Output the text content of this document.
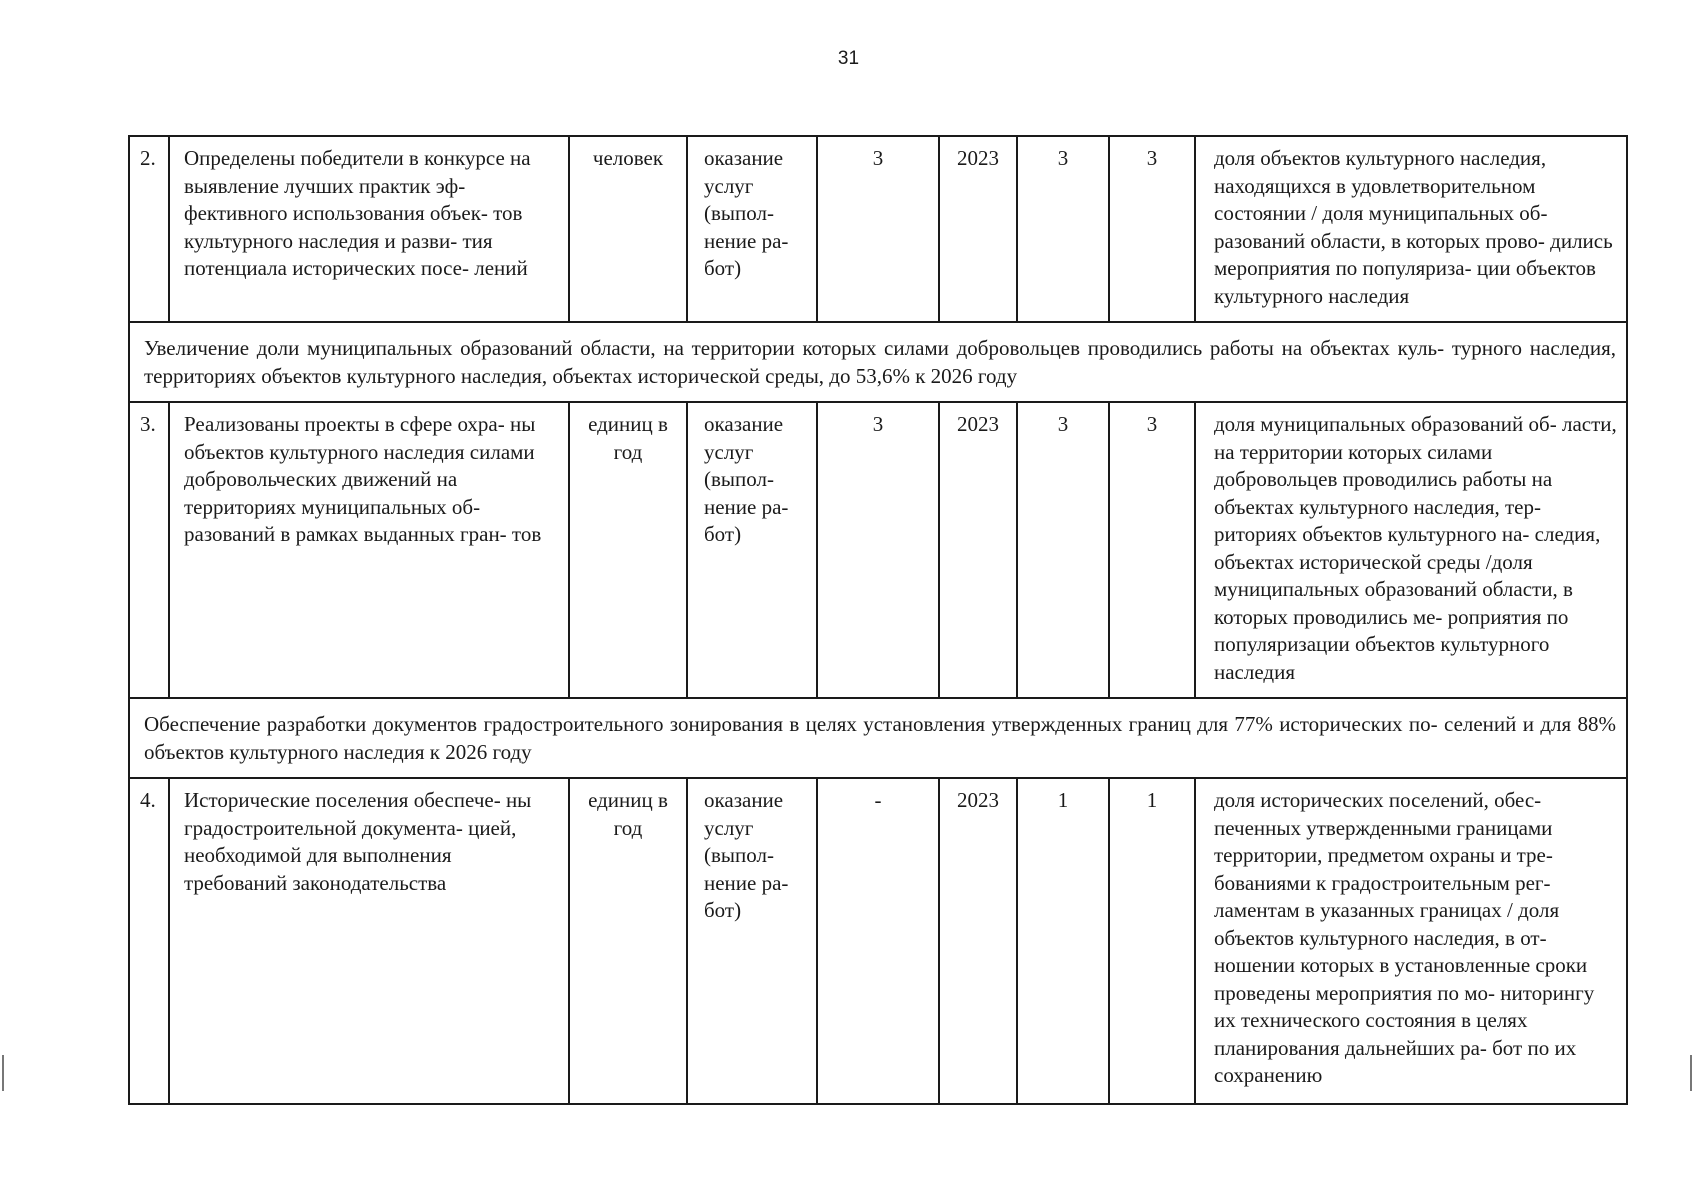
31
2.	Определены победители в конкурсе на выявление лучших практик эф- фективного использования объек- тов культурного наследия и разви- тия потенциала исторических посе- лений	человек	оказание услуг (выпол- нение ра- бот)	3	2023	3	3	доля объектов культурного наследия, находящихся в удовлетворительном состоянии / доля муниципальных об- разований области, в которых прово- дились мероприятия по популяриза- ции объектов культурного наследия
Увеличение доли муниципальных образований области, на территории которых силами добровольцев проводились работы на объектах куль- турного наследия, территориях объектов культурного наследия, объектах исторической среды, до 53,6% к 2026 году								
3.	Реализованы проекты в сфере охра- ны объектов культурного наследия силами добровольческих движений на территориях муниципальных об- разований в рамках выданных гран- тов	единиц в год	оказание услуг (выпол- нение ра- бот)	3	2023	3	3	доля муниципальных образований об- ласти, на территории которых силами добровольцев проводились работы на объектах культурного наследия, тер- риториях объектов культурного на- следия, объектах исторической среды /доля муниципальных образований области, в которых проводились ме- роприятия по популяризации объектов культурного наследия
Обеспечение разработки документов градостроительного зонирования в целях установления утвержденных границ для 77% исторических по- селений и для 88% объектов культурного наследия к 2026 году								
4.	Исторические поселения обеспече- ны градостроительной документа- цией, необходимой для выполнения требований законодательства	единиц в год	оказание услуг (выпол- нение ра- бот)	-	2023	1	1	доля исторических поселений, обес- печенных утвержденными границами территории, предметом охраны и тре- бованиями к градостроительным рег- ламентам в указанных границах / доля объектов культурного наследия, в от- ношении которых в установленные сроки проведены мероприятия по мо- ниторингу их технического состояния в целях планирования дальнейших ра- бот по их сохранению
